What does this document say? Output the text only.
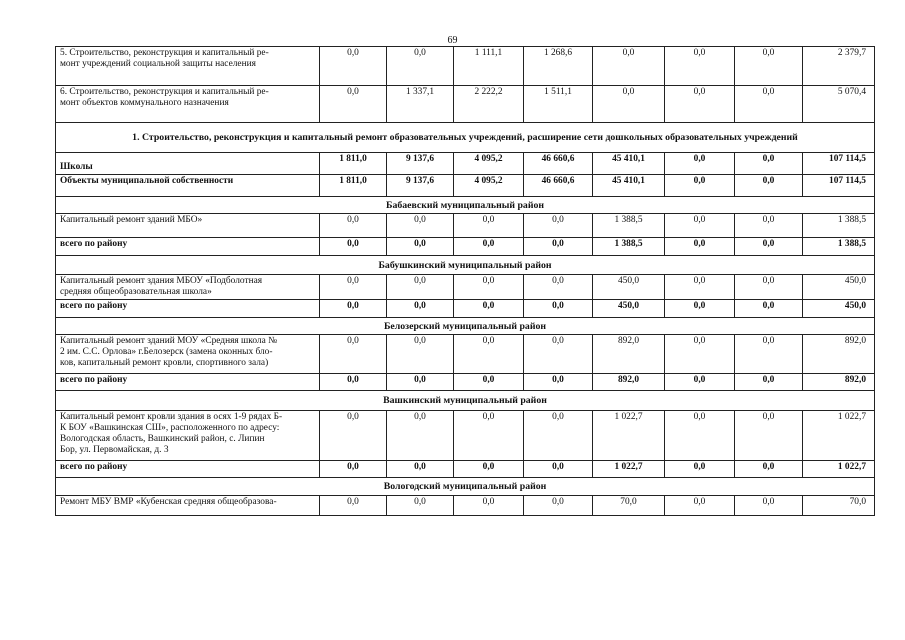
69
5. Строительство, реконструкция и капитальный ре-
монт учреждений социальной защиты населения	0,0	0,0	1 111,1	1 268,6	0,0	0,0	0,0	2 379,7
6. Строительство, реконструкция и капитальный ре-
монт объектов коммунального назначения	0,0	1 337,1	2 222,2	1 511,1	0,0	0,0	0,0	5 070,4
1. Строительство, реконструкция и капитальный ремонт образовательных учреждений, расширение сети дошкольных образовательных учреждений								
Школы	1 811,0	9 137,6	4 095,2	46 660,6	45 410,1	0,0	0,0	107 114,5
Объекты муниципальной собственности	1 811,0	9 137,6	4 095,2	46 660,6	45 410,1	0,0	0,0	107 114,5
Бабаевский муниципальный район								
Капитальный ремонт зданий МБО»	0,0	0,0	0,0	0,0	1 388,5	0,0	0,0	1 388,5
всего по району	0,0	0,0	0,0	0,0	1 388,5	0,0	0,0	1 388,5
Бабушкинский муниципальный район								
Капитальный ремонт здания МБОУ «Подболотная
средняя общеобразовательная школа»	0,0	0,0	0,0	0,0	450,0	0,0	0,0	450,0
всего по району	0,0	0,0	0,0	0,0	450,0	0,0	0,0	450,0
Белозерский муниципальный район								
Капитальный ремонт зданий МОУ «Средняя школа №
2 им. С.С. Орлова» г.Белозерск (замена оконных бло-
ков, капитальный ремонт кровли, спортивного зала)	0,0	0,0	0,0	0,0	892,0	0,0	0,0	892,0
всего по району	0,0	0,0	0,0	0,0	892,0	0,0	0,0	892,0
Вашкинский муниципальный район								
Капитальный ремонт кровли здания в осях 1-9 рядах Б-
К БОУ «Вашкинская СШ», расположенного по адресу:
Вологодская область, Вашкинский район, с. Липин
Бор, ул. Первомайская, д. 3	0,0	0,0	0,0	0,0	1 022,7	0,0	0,0	1 022,7
всего по району	0,0	0,0	0,0	0,0	1 022,7	0,0	0,0	1 022,7
Вологодский муниципальный район								
Ремонт МБУ ВМР «Кубенская средняя общеобразова-	0,0	0,0	0,0	0,0	70,0	0,0	0,0	70,0
